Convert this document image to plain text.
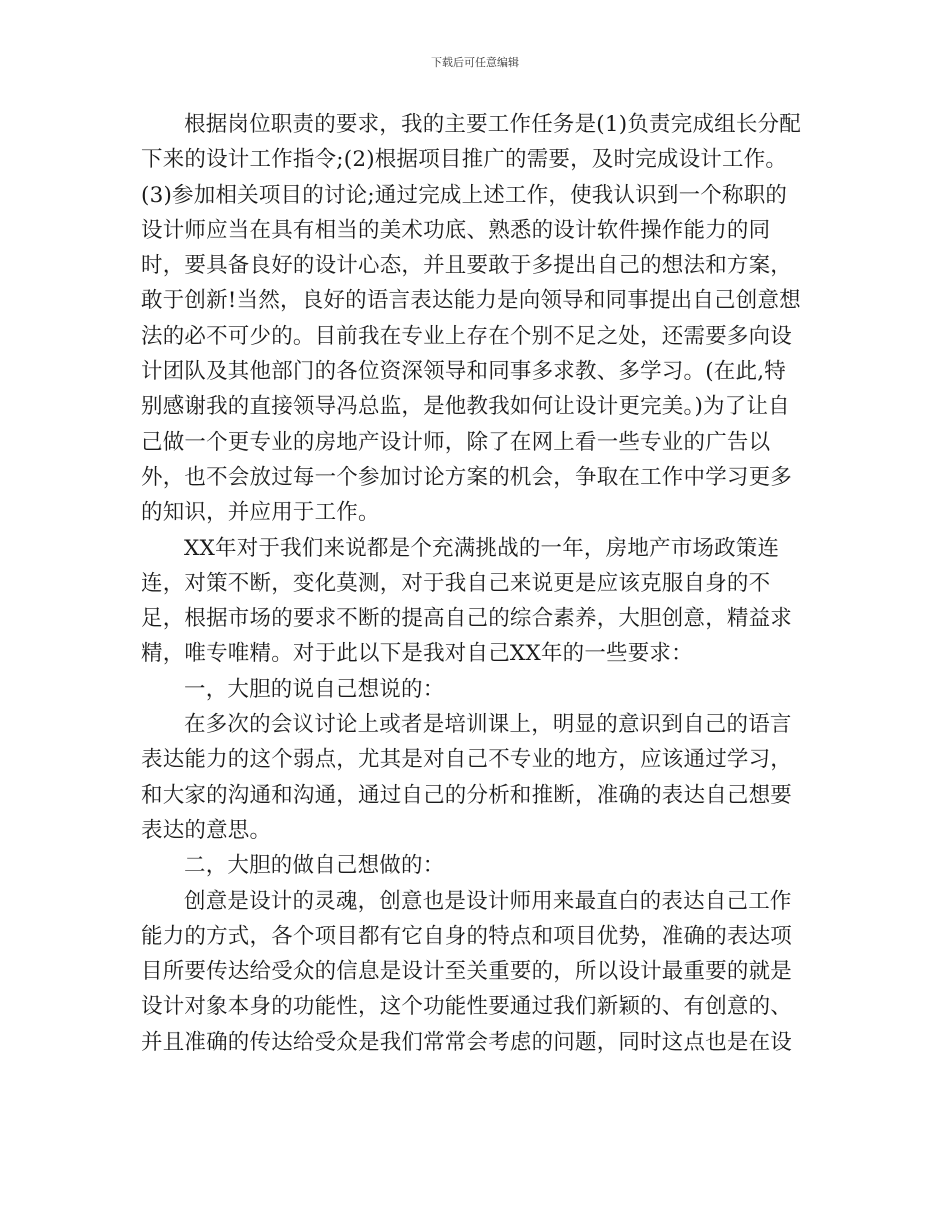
下载后可任意编辑

根据岗位职责的要求，我的主要工作任务是(1)负责完成组长分配下来的设计工作指令;(2)根据项目推广的需要，及时完成设计工作。(3)参加相关项目的讨论;通过完成上述工作，使我认识到一个称职的设计师应当在具有相当的美术功底、熟悉的设计软件操作能力的同时，要具备良好的设计心态，并且要敢于多提出自己的想法和方案，敢于创新!当然，良好的语言表达能力是向领导和同事提出自己创意想法的必不可少的。目前我在专业上存在个别不足之处，还需要多向设计团队及其他部门的各位资深领导和同事多求教、多学习。(在此,特别感谢我的直接领导冯总监，是他教我如何让设计更完美。)为了让自己做一个更专业的房地产设计师，除了在网上看一些专业的广告以外，也不会放过每一个参加讨论方案的机会，争取在工作中学习更多的知识，并应用于工作。

XX年对于我们来说都是个充满挑战的一年，房地产市场政策连连，对策不断，变化莫测，对于我自己来说更是应该克服自身的不足，根据市场的要求不断的提高自己的综合素养，大胆创意，精益求精，唯专唯精。对于此以下是我对自己XX年的一些要求：

一，大胆的说自己想说的：

在多次的会议讨论上或者是培训课上，明显的意识到自己的语言表达能力的这个弱点，尤其是对自己不专业的地方，应该通过学习，和大家的沟通和沟通，通过自己的分析和推断，准确的表达自己想要表达的意思。

二，大胆的做自己想做的：

创意是设计的灵魂，创意也是设计师用来最直白的表达自己工作能力的方式，各个项目都有它自身的特点和项目优势，准确的表达项目所要传达给受众的信息是设计至关重要的，所以设计最重要的就是设计对象本身的功能性，这个功能性要通过我们新颖的、有创意的、并且准确的传达给受众是我们常常会考虑的问题，同时这点也是在设
